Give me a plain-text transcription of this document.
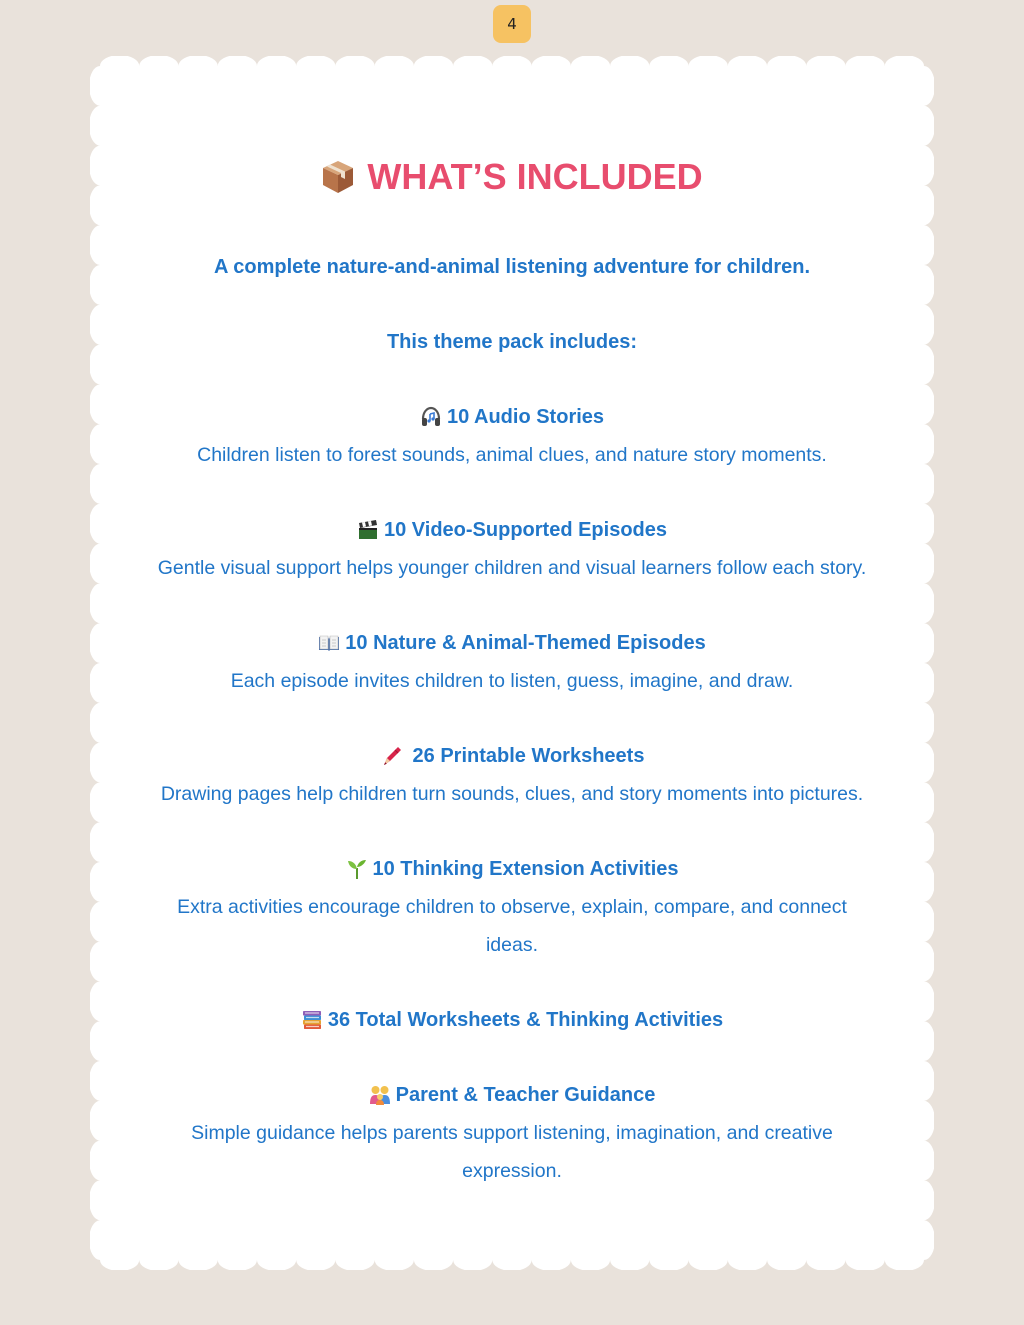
4
WHAT’S INCLUDED
A complete nature-and-animal listening adventure for children.
This theme pack includes:
10 Audio Stories
Children listen to forest sounds, animal clues, and nature story moments.
10 Video-Supported Episodes
Gentle visual support helps younger children and visual learners follow each story.
10 Nature & Animal-Themed Episodes
Each episode invites children to listen, guess, imagine, and draw.
26 Printable Worksheets
Drawing pages help children turn sounds, clues, and story moments into pictures.
10 Thinking Extension Activities
Extra activities encourage children to observe, explain, compare, and connect
ideas.
36 Total Worksheets & Thinking Activities
Parent & Teacher Guidance
Simple guidance helps parents support listening, imagination, and creative
expression.
